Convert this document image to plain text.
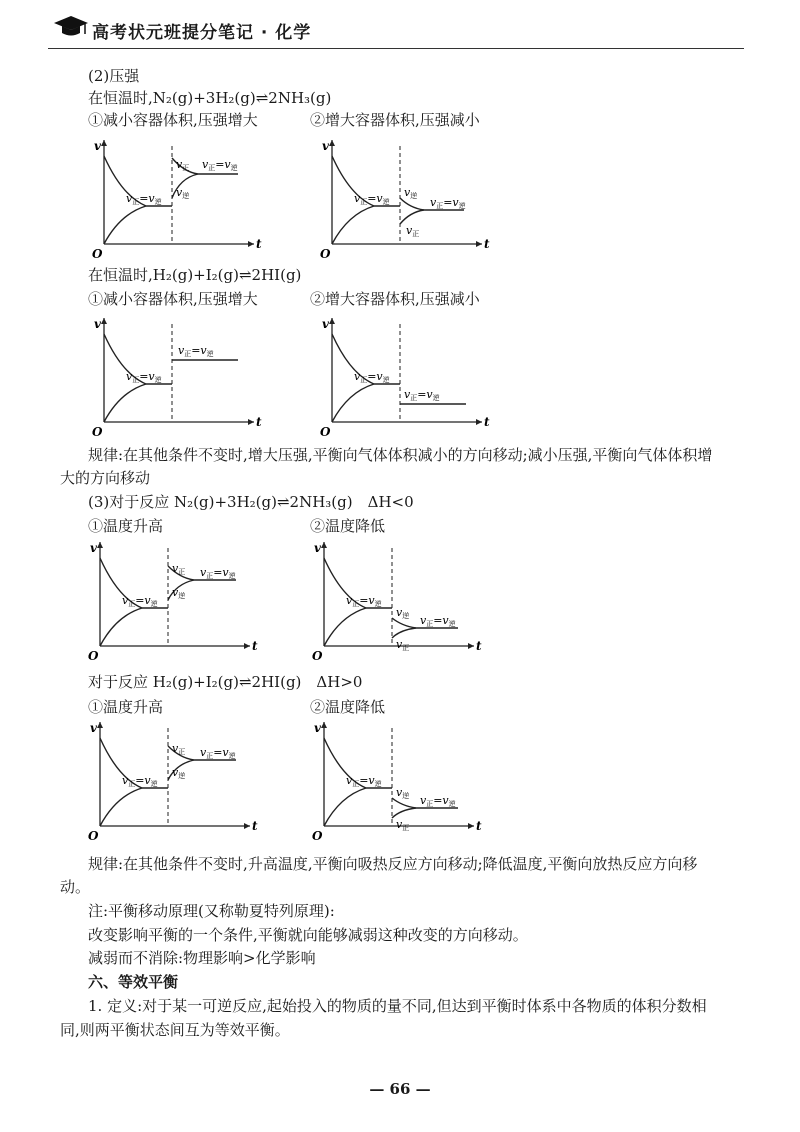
高考状元班提分笔记 · 化学
(2)压强
在恒温时,N₂(g)+3H₂(g)⇌2NH₃(g)
①减小容器体积,压强增大	②增大容器体积,压强减小
v
t
O
v正=v逆
v正
v逆
v正=v逆
v
t
O
v正=v逆
v逆
v正
v正=v逆
在恒温时,H₂(g)+I₂(g)⇌2HI(g)
①减小容器体积,压强增大	②增大容器体积,压强减小
v
t
O
v正=v逆
v正=v逆
v
t
O
v正=v逆
v正=v逆
规律:在其他条件不变时,增大压强,平衡向气体体积减小的方向移动;减小压强,平衡向气体体积增
大的方向移动
(3)对于反应 N₂(g)+3H₂(g)⇌2NH₃(g)　ΔH<0
①温度升高	②温度降低
v
t
O
v正=v逆
v正
v逆
v正=v逆
v
t
O
v正=v逆
v逆
v正
v正=v逆
对于反应 H₂(g)+I₂(g)⇌2HI(g)　ΔH>0
①温度升高	②温度降低
v
t
O
v正=v逆
v正
v逆
v正=v逆
v
t
O
v正=v逆
v逆
v正
v正=v逆
规律:在其他条件不变时,升高温度,平衡向吸热反应方向移动;降低温度,平衡向放热反应方向移
动。
注:平衡移动原理(又称勒夏特列原理):
改变影响平衡的一个条件,平衡就向能够减弱这种改变的方向移动。
减弱而不消除:物理影响>化学影响
六、等效平衡
1. 定义:对于某一可逆反应,起始投入的物质的量不同,但达到平衡时体系中各物质的体积分数相
同,则两平衡状态间互为等效平衡。
— 66 —
